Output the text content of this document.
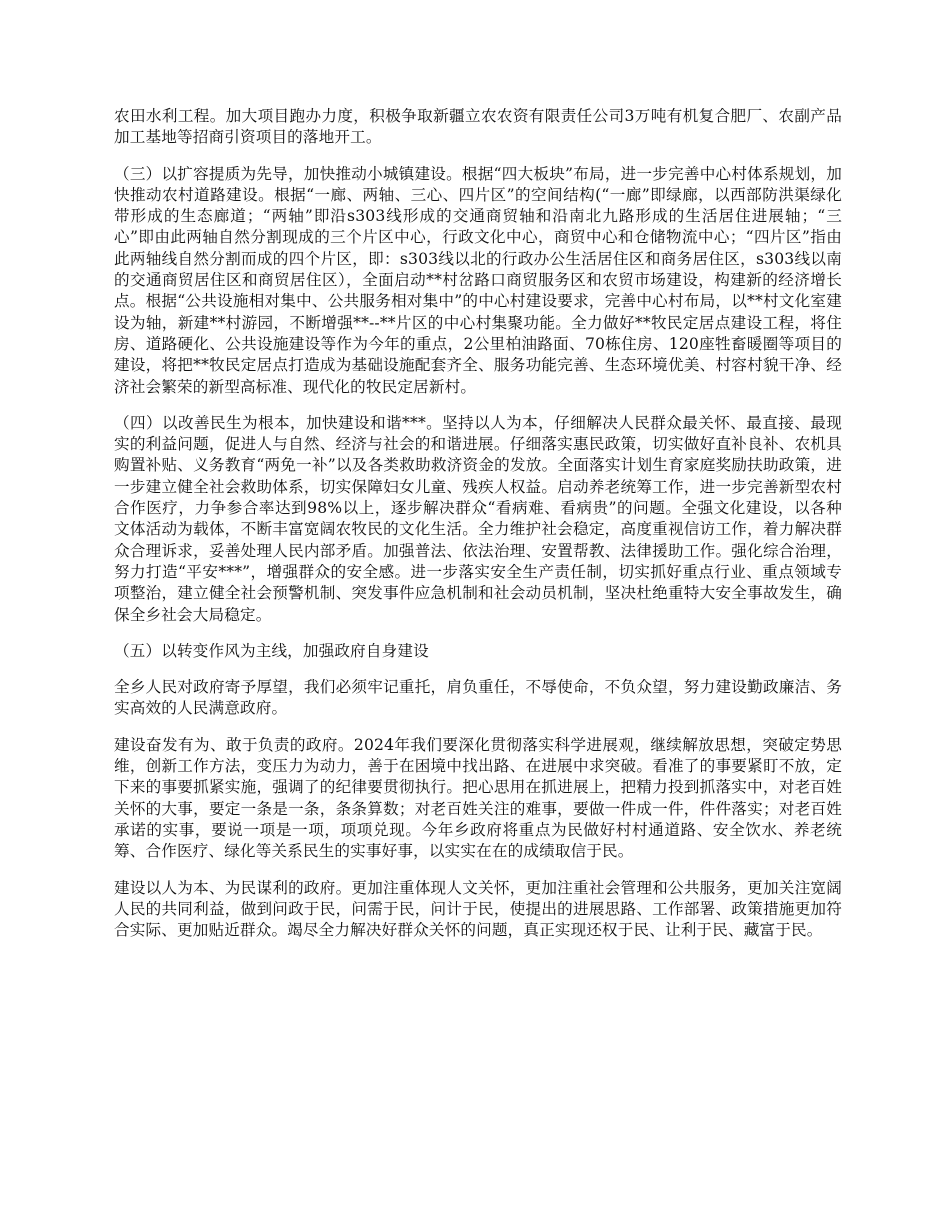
农田水利工程。加大项目跑办力度，积极争取新疆立农农资有限责任公司3万吨有机复合肥厂、农副产品加工基地等招商引资项目的落地开工。

（三）以扩容提质为先导，加快推动小城镇建设。根据“四大板块”布局，进一步完善中心村体系规划，加快推动农村道路建设。根据“一廊、两轴、三心、四片区”的空间结构(“一廊”即绿廊，以西部防洪渠绿化带形成的生态廊道；“两轴”即沿s303线形成的交通商贸轴和沿南北九路形成的生活居住进展轴；“三心”即由此两轴自然分割现成的三个片区中心，行政文化中心，商贸中心和仓储物流中心；“四片区”指由此两轴线自然分割而成的四个片区，即：s303线以北的行政办公生活居住区和商务居住区，s303线以南的交通商贸居住区和商贸居住区），全面启动**村岔路口商贸服务区和农贸市场建设，构建新的经济增长点。根据“公共设施相对集中、公共服务相对集中”的中心村建设要求，完善中心村布局，以**村文化室建设为轴，新建**村游园，不断增强**--**片区的中心村集聚功能。全力做好**牧民定居点建设工程，将住房、道路硬化、公共设施建设等作为今年的重点，2公里柏油路面、70栋住房、120座牲畜暖圈等项目的建设，将把**牧民定居点打造成为基础设施配套齐全、服务功能完善、生态环境优美、村容村貌干净、经济社会繁荣的新型高标准、现代化的牧民定居新村。

（四）以改善民生为根本，加快建设和谐***。坚持以人为本，仔细解决人民群众最关怀、最直接、最现实的利益问题，促进人与自然、经济与社会的和谐进展。仔细落实惠民政策，切实做好直补良补、农机具购置补贴、义务教育“两免一补”以及各类救助救济资金的发放。全面落实计划生育家庭奖励扶助政策，进一步建立健全社会救助体系，切实保障妇女儿童、残疾人权益。启动养老统筹工作，进一步完善新型农村合作医疗，力争参合率达到98%以上，逐步解决群众“看病难、看病贵”的问题。全强文化建设，以各种文体活动为载体，不断丰富宽阔农牧民的文化生活。全力维护社会稳定，高度重视信访工作，着力解决群众合理诉求，妥善处理人民内部矛盾。加强普法、依法治理、安置帮教、法律援助工作。强化综合治理，努力打造“平安***”，增强群众的安全感。进一步落实安全生产责任制，切实抓好重点行业、重点领域专项整治，建立健全社会预警机制、突发事件应急机制和社会动员机制，坚决杜绝重特大安全事故发生，确保全乡社会大局稳定。

（五）以转变作风为主线，加强政府自身建设

全乡人民对政府寄予厚望，我们必须牢记重托，肩负重任，不辱使命，不负众望，努力建设勤政廉洁、务实高效的人民满意政府。

建设奋发有为、敢于负责的政府。2024年我们要深化贯彻落实科学进展观，继续解放思想，突破定势思维，创新工作方法，变压力为动力，善于在困境中找出路、在进展中求突破。看准了的事要紧盯不放，定下来的事要抓紧实施，强调了的纪律要贯彻执行。把心思用在抓进展上，把精力投到抓落实中，对老百姓关怀的大事，要定一条是一条，条条算数；对老百姓关注的难事，要做一件成一件，件件落实；对老百姓承诺的实事，要说一项是一项，项项兑现。今年乡政府将重点为民做好村村通道路、安全饮水、养老统筹、合作医疗、绿化等关系民生的实事好事，以实实在在的成绩取信于民。

建设以人为本、为民谋利的政府。更加注重体现人文关怀，更加注重社会管理和公共服务，更加关注宽阔人民的共同利益，做到问政于民，问需于民，问计于民，使提出的进展思路、工作部署、政策措施更加符合实际、更加贴近群众。竭尽全力解决好群众关怀的问题，真正实现还权于民、让利于民、藏富于民。
